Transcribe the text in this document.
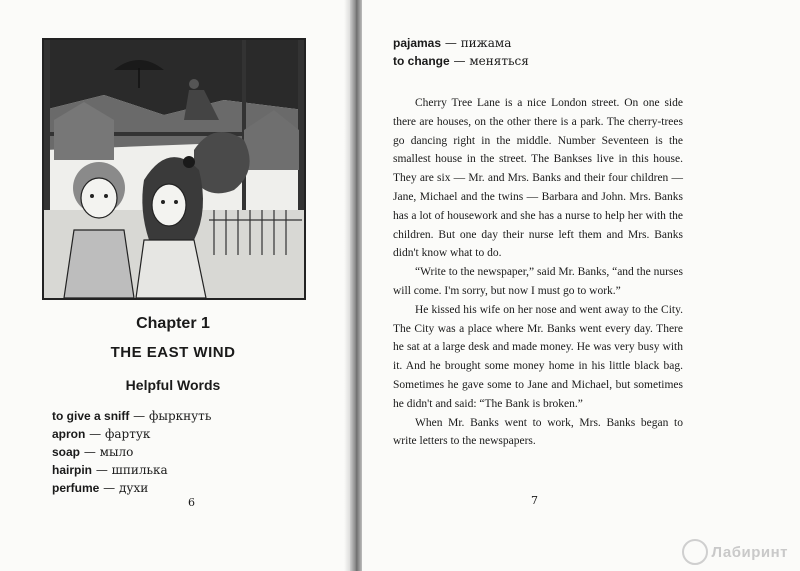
Chapter 1
THE EAST WIND
Helpful Words
to give a sniff — фыркнуть
apron — фартук
soap — мыло
hairpin — шпилька
perfume — духи
6
pajamas — пижама
to change — меняться

Cherry Tree Lane is a nice London street. On one side there are houses, on the other there is a park. The cherry-trees go dancing right in the middle. Number Seventeen is the smallest house in the street. The Bankses live in this house. They are six — Mr. and Mrs. Banks and their four children — Jane, Michael and the twins — Barbara and John. Mrs. Banks has a lot of housework and she has a nurse to help her with the children. But one day their nurse left them and Mrs. Banks didn't know what to do.

“Write to the newspaper,” said Mr. Banks, “and the nurses will come. I'm sorry, but now I must go to work.”

He kissed his wife on her nose and went away to the City. The City was a place where Mr. Banks went every day. There he sat at a large desk and made money. He was very busy with it. And he brought some money home in his little black bag. Sometimes he gave some to Jane and Michael, but sometimes he didn't and said: “The Bank is broken.”

When Mr. Banks went to work, Mrs. Banks began to write letters to the newspapers.

7
Лабиринт
